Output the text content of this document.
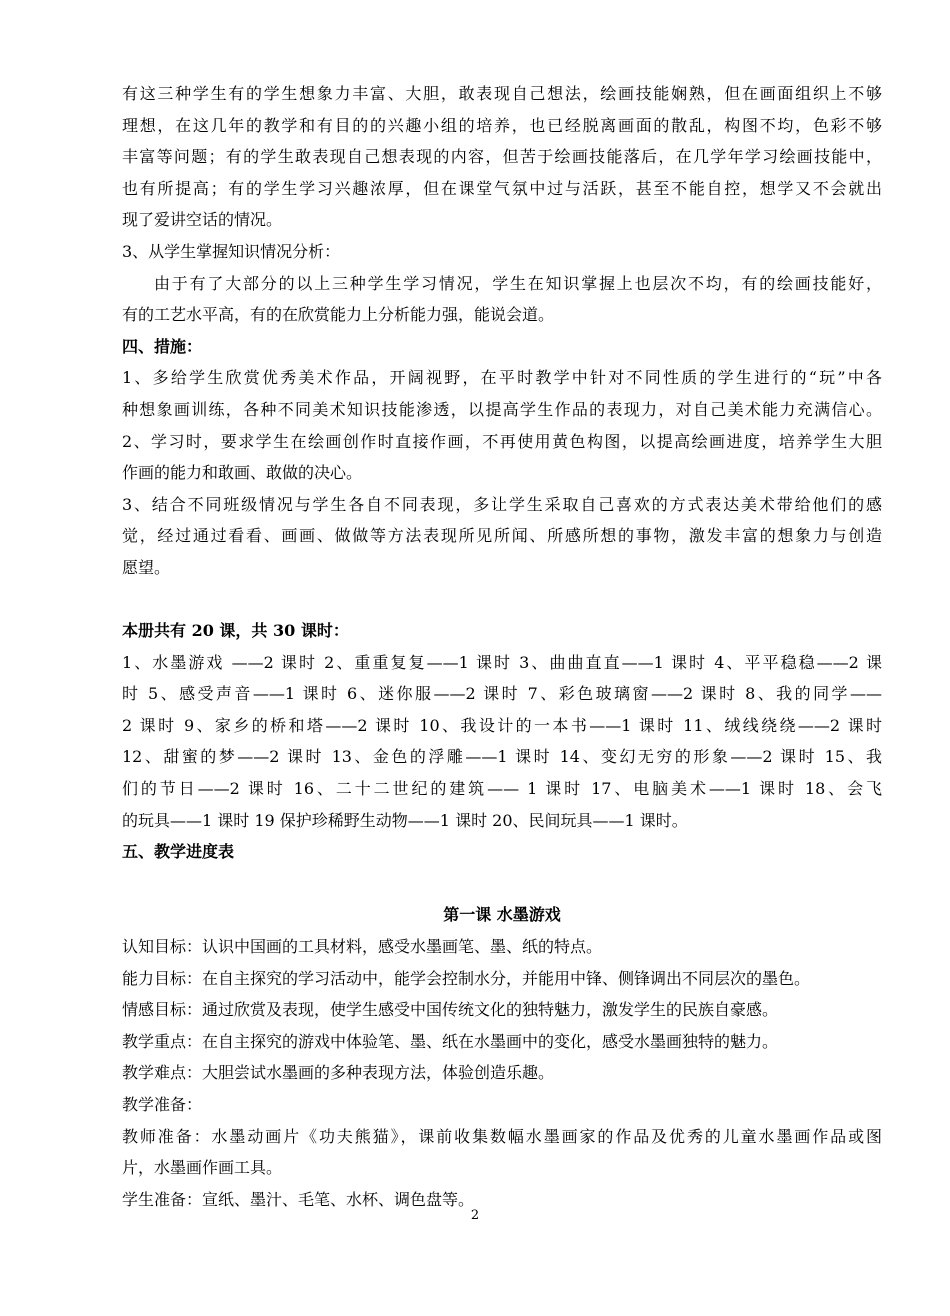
有这三种学生有的学生想象力丰富、大胆，敢表现自己想法，绘画技能娴熟，但在画面组织上不够

理想，在这几年的教学和有目的的兴趣小组的培养，也已经脱离画面的散乱，构图不均，色彩不够

丰富等问题；有的学生敢表现自己想表现的内容，但苦于绘画技能落后，在几学年学习绘画技能中，

也有所提高；有的学生学习兴趣浓厚，但在课堂气氛中过与活跃，甚至不能自控，想学又不会就出

现了爱讲空话的情况。

3、从学生掌握知识情况分析：

由于有了大部分的以上三种学生学习情况，学生在知识掌握上也层次不均，有的绘画技能好，

有的工艺水平高，有的在欣赏能力上分析能力强，能说会道。

四、措施：

1、多给学生欣赏优秀美术作品，开阔视野，在平时教学中针对不同性质的学生进行的“玩”中各

种想象画训练，各种不同美术知识技能渗透，以提高学生作品的表现力，对自己美术能力充满信心。

2、学习时，要求学生在绘画创作时直接作画，不再使用黄色构图，以提高绘画进度，培养学生大胆

作画的能力和敢画、敢做的决心。

3、结合不同班级情况与学生各自不同表现，多让学生采取自己喜欢的方式表达美术带给他们的感

觉，经过通过看看、画画、做做等方法表现所见所闻、所感所想的事物，激发丰富的想象力与创造

愿望。

本册共有 20 课，共 30 课时：

1、水墨游戏 ——2 课时 2、重重复复——1 课时 3、曲曲直直——1 课时 4、平平稳稳——2 课

时 5、感受声音——1 课时 6、迷你服——2 课时 7、彩色玻璃窗——2 课时 8、我的同学——

2 课时 9、家乡的桥和塔——2 课时 10、我设计的一本书——1 课时 11、绒线绕绕——2 课时

12、甜蜜的梦——2 课时 13、金色的浮雕——1 课时 14、变幻无穷的形象——2 课时 15、我

们的节日——2 课时 16、二十二世纪的建筑—— 1 课时 17、电脑美术——1 课时 18、会飞

的玩具——1 课时 19 保护珍稀野生动物——1 课时 20、民间玩具——1 课时。

五、教学进度表

第一课 水墨游戏

认知目标：认识中国画的工具材料，感受水墨画笔、墨、纸的特点。

能力目标：在自主探究的学习活动中，能学会控制水分，并能用中锋、侧锋调出不同层次的墨色。

情感目标：通过欣赏及表现，使学生感受中国传统文化的独特魅力，激发学生的民族自豪感。

教学重点：在自主探究的游戏中体验笔、墨、纸在水墨画中的变化，感受水墨画独特的魅力。

教学难点：大胆尝试水墨画的多种表现方法，体验创造乐趣。

教学准备：

教师准备：水墨动画片《功夫熊猫》，课前收集数幅水墨画家的作品及优秀的儿童水墨画作品或图

片，水墨画作画工具。

学生准备：宣纸、墨汁、毛笔、水杯、调色盘等。

2
